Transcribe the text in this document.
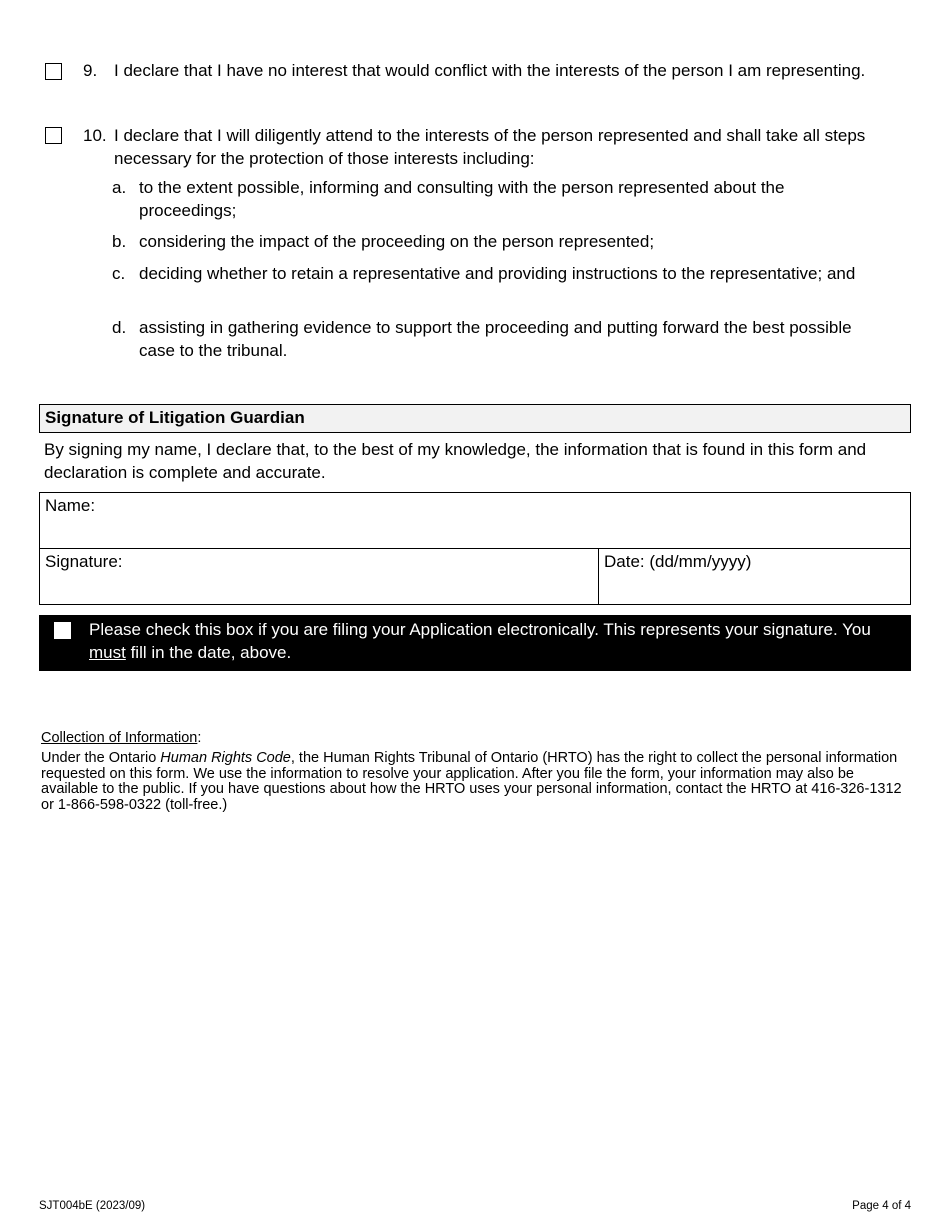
9. I declare that I have no interest that would conflict with the interests of the person I am representing.
10. I declare that I will diligently attend to the interests of the person represented and shall take all steps necessary for the protection of those interests including:
a. to the extent possible, informing and consulting with the person represented about the proceedings;
b. considering the impact of the proceeding on the person represented;
c. deciding whether to retain a representative and providing instructions to the representative; and
d. assisting in gathering evidence to support the proceeding and putting forward the best possible case to the tribunal.
Signature of Litigation Guardian
By signing my name, I declare that, to the best of my knowledge, the information that is found in this form and declaration is complete and accurate.
Name:
Signature:	Date: (dd/mm/yyyy)
Please check this box if you are filing your Application electronically. This represents your signature. You must fill in the date, above.
Collection of Information:
Under the Ontario Human Rights Code, the Human Rights Tribunal of Ontario (HRTO) has the right to collect the personal information requested on this form. We use the information to resolve your application. After you file the form, your information may also be available to the public. If you have questions about how the HRTO uses your personal information, contact the HRTO at 416-326-1312 or 1-866-598-0322 (toll-free.)
SJT004bE (2023/09)	Page 4 of 4
